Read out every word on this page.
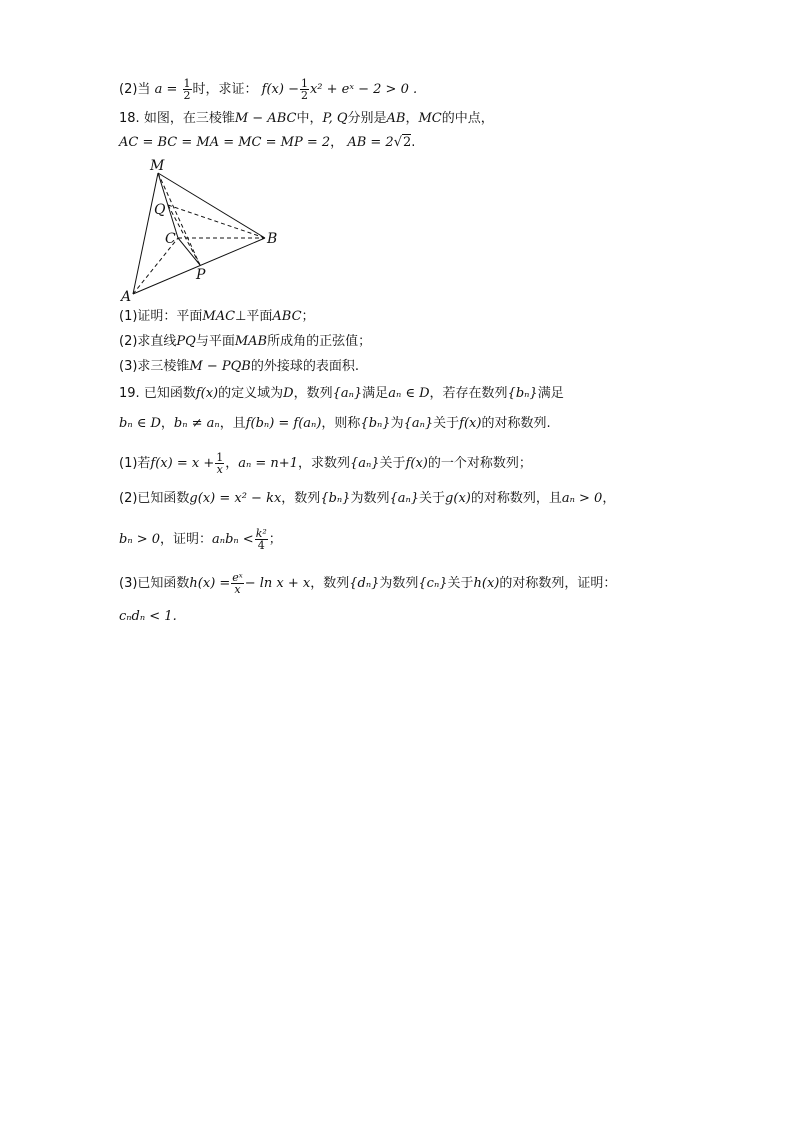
(2)当 $a = \frac{1}{2}$ 时，求证： $f(x) - \frac{1}{2} x^2$ + eˣ − 2 > 0 .
18. 如图，在三棱锥M − ABC中，P, Q分别是AB，MC的中点，
AC = BC = MA = MC = MP = 2， AB = 2√2.
M
Q
C	B
P
A
(1)证明：平面MAC⊥平面ABC；
(2)求直线PQ与平面MAB所成角的正弦值；
(3)求三棱锥M − PQB的外接球的表面积.
19. 已知函数f(x)的定义域为D，数列{aₙ}满足aₙ ∈ D，若存在数列{bₙ}满足
bₙ ∈ D，bₙ ≠ aₙ，且f(bₙ) = f(aₙ)，则称{bₙ}为{aₙ}关于f(x)的对称数列.
(1)若$f(x) = x + \frac{1}{x}$ ，aₙ = n+1，求数列{aₙ}关于f(x)的一个对称数列；
(2)已知函数g(x) = x² − kx，数列{bₙ}为数列{aₙ}关于g(x)的对称数列，且aₙ > 0，
bₙ > 0，证明：$a_nb_n < \frac{\text{k²}}{4}$ ；
(3)已知函数$h(x) = \frac{\text{eˣ}}{x} - \ln x + x$，数列{dₙ}为数列{cₙ}关于h(x)的对称数列，证明：
cₙdₙ < 1.
